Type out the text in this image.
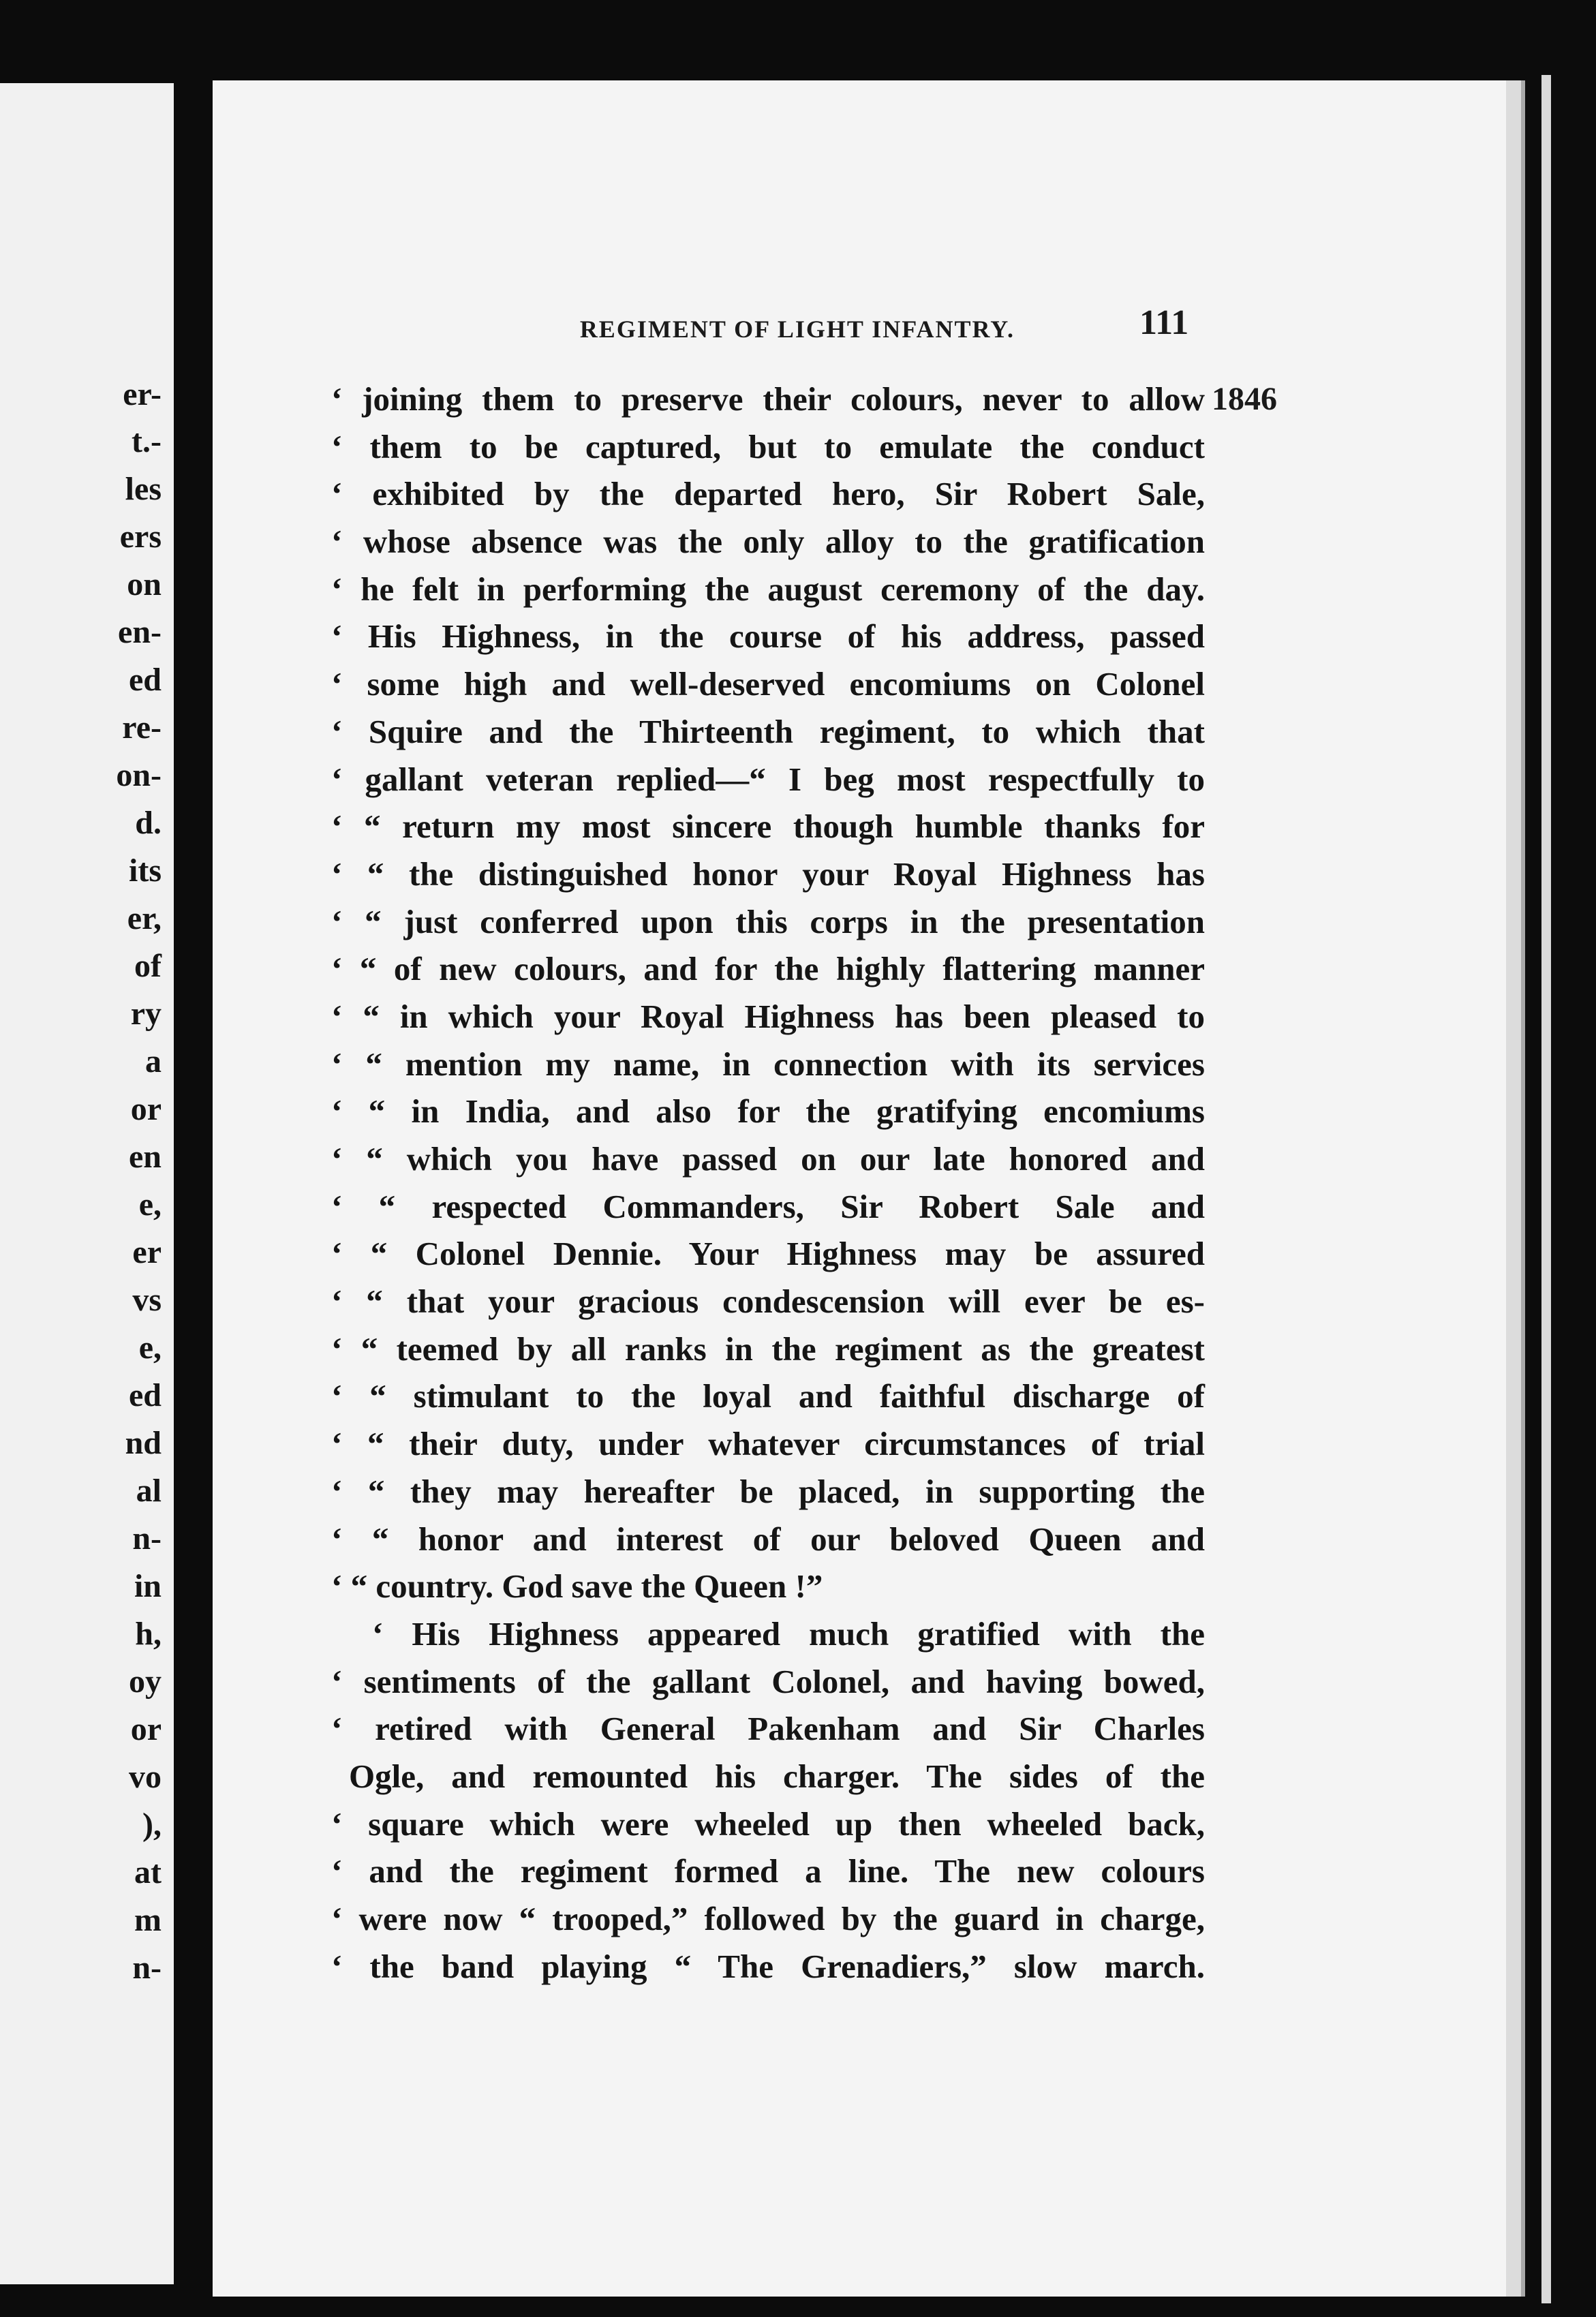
er-
t.-
les
ers
on
en-
ed
re-
on-
d.
its
er,
of
ry
a
or
en
e,
er
vs
e,
ed
nd
al
n-
in
h,
oy
or
vo
),
at
m
n-
REGIMENT OF LIGHT INFANTRY.	111
1846
‘ joining them to preserve their colours, never to allow
‘ them to be captured, but to emulate the conduct
‘ exhibited by the departed hero, Sir Robert Sale,
‘ whose absence was the only alloy to the gratification
‘ he felt in performing the august ceremony of the day.
‘ His Highness, in the course of his address, passed
‘ some high and well-deserved encomiums on Colonel
‘ Squire and the Thirteenth regiment, to which that
‘ gallant veteran replied—“ I beg most respectfully to
‘ “ return my most sincere though humble thanks for
‘ “ the distinguished honor your Royal Highness has
‘ “ just conferred upon this corps in the presentation
‘ “ of new colours, and for the highly flattering manner
‘ “ in which your Royal Highness has been pleased to
‘ “ mention my name, in connection with its services
‘ “ in India, and also for the gratifying encomiums
‘ “ which you have passed on our late honored and
‘ “ respected Commanders, Sir Robert Sale and
‘ “ Colonel Dennie. Your Highness may be assured
‘ “ that your gracious condescension will ever be es-
‘ “ teemed by all ranks in the regiment as the greatest
‘ “ stimulant to the loyal and faithful discharge of
‘ “ their duty, under whatever circumstances of trial
‘ “ they may hereafter be placed, in supporting the
‘ “ honor and interest of our beloved Queen and
‘ “ country. God save the Queen !”
‘ His Highness appeared much gratified with the
‘ sentiments of the gallant Colonel, and having bowed,
‘ retired with General Pakenham and Sir Charles
Ogle, and remounted his charger. The sides of the
‘ square which were wheeled up then wheeled back,
‘ and the regiment formed a line. The new colours
‘ were now “ trooped,” followed by the guard in charge,
‘ the band playing “ The Grenadiers,” slow march.
